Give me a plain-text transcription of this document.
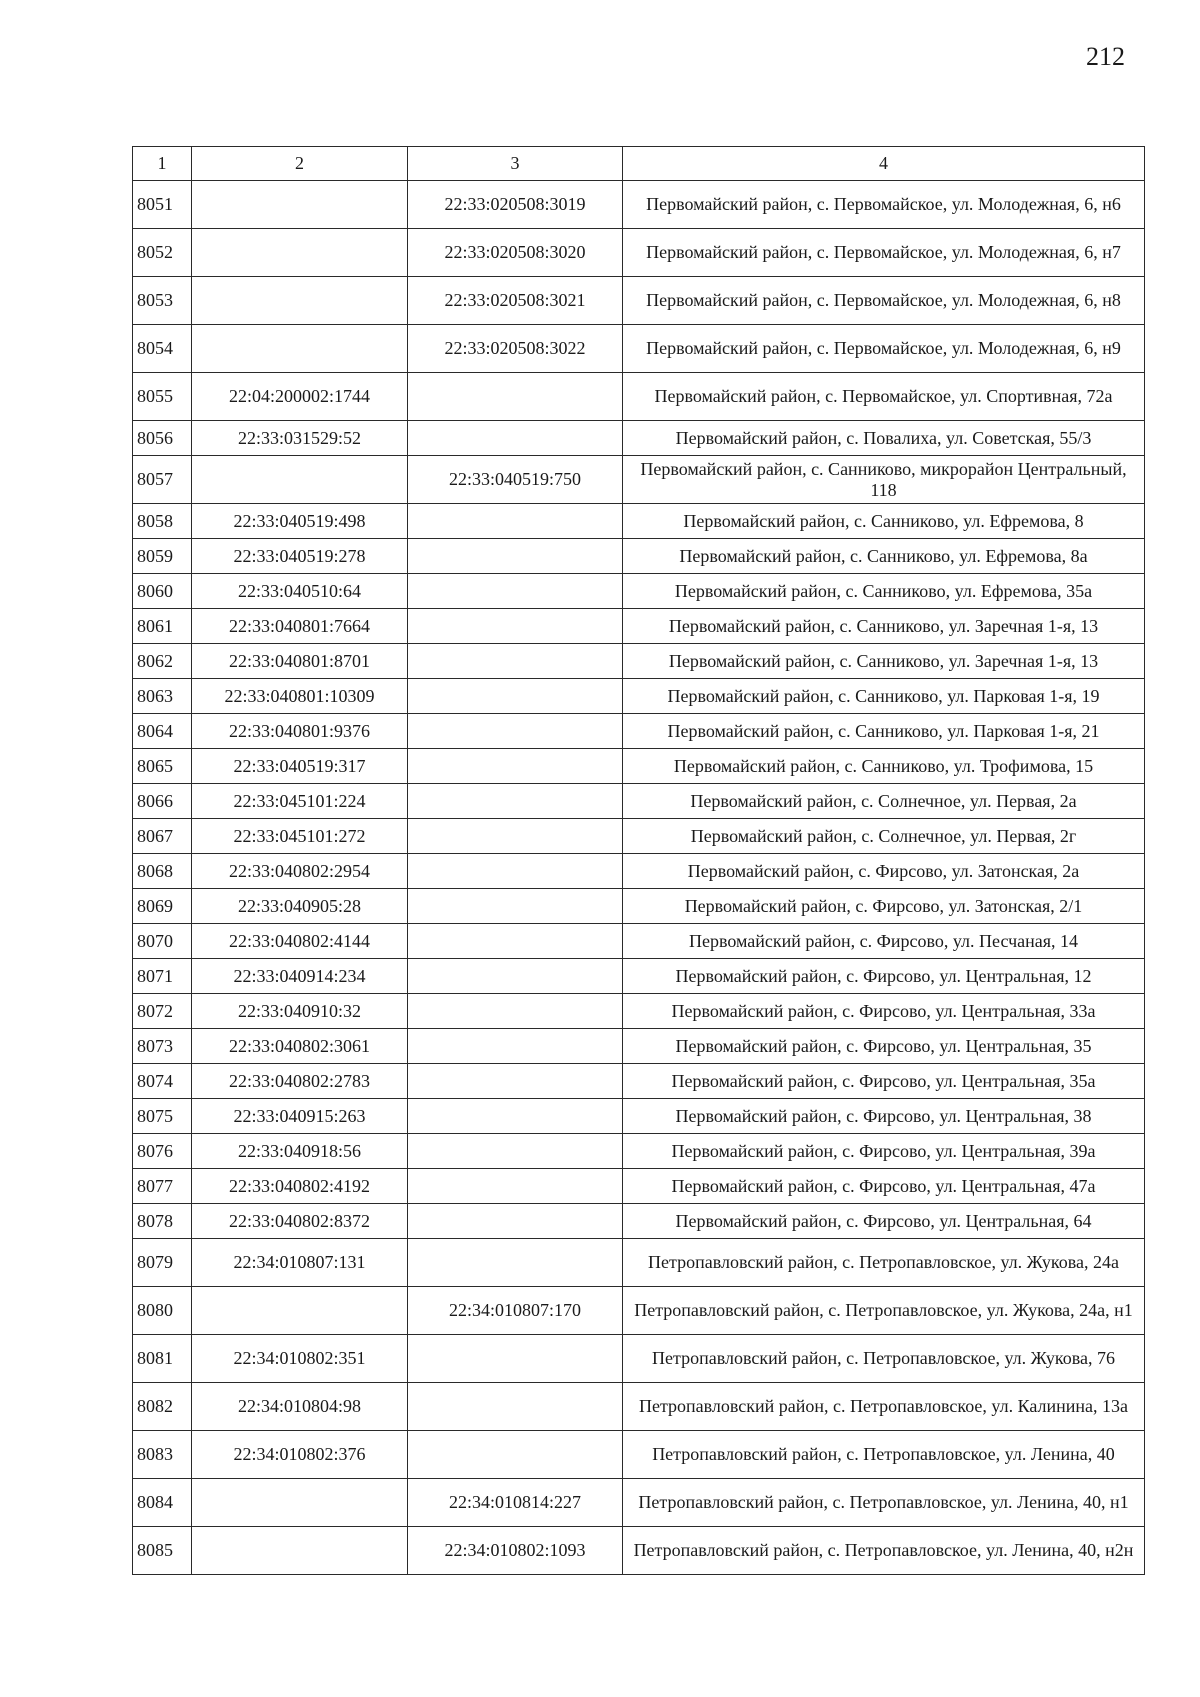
212
1	2	3	4
8051		22:33:020508:3019	Первомайский район, с. Первомайское, ул. Молодежная, 6, н6
8052		22:33:020508:3020	Первомайский район, с. Первомайское, ул. Молодежная, 6, н7
8053		22:33:020508:3021	Первомайский район, с. Первомайское, ул. Молодежная, 6, н8
8054		22:33:020508:3022	Первомайский район, с. Первомайское, ул. Молодежная, 6, н9
8055	22:04:200002:1744		Первомайский район, с. Первомайское, ул. Спортивная, 72а
8056	22:33:031529:52		Первомайский район, с. Повалиха, ул. Советская, 55/3
8057		22:33:040519:750	Первомайский район, с. Санниково, микрорайон Центральный, 118
8058	22:33:040519:498		Первомайский район, с. Санниково, ул. Ефремова, 8
8059	22:33:040519:278		Первомайский район, с. Санниково, ул. Ефремова, 8а
8060	22:33:040510:64		Первомайский район, с. Санниково, ул. Ефремова, 35а
8061	22:33:040801:7664		Первомайский район, с. Санниково, ул. Заречная 1-я, 13
8062	22:33:040801:8701		Первомайский район, с. Санниково, ул. Заречная 1-я, 13
8063	22:33:040801:10309		Первомайский район, с. Санниково, ул. Парковая 1-я, 19
8064	22:33:040801:9376		Первомайский район, с. Санниково, ул. Парковая 1-я, 21
8065	22:33:040519:317		Первомайский район, с. Санниково, ул. Трофимова, 15
8066	22:33:045101:224		Первомайский район, с. Солнечное, ул. Первая, 2а
8067	22:33:045101:272		Первомайский район, с. Солнечное, ул. Первая, 2г
8068	22:33:040802:2954		Первомайский район, с. Фирсово, ул. Затонская, 2а
8069	22:33:040905:28		Первомайский район, с. Фирсово, ул. Затонская, 2/1
8070	22:33:040802:4144		Первомайский район, с. Фирсово, ул. Песчаная, 14
8071	22:33:040914:234		Первомайский район, с. Фирсово, ул. Центральная, 12
8072	22:33:040910:32		Первомайский район, с. Фирсово, ул. Центральная, 33а
8073	22:33:040802:3061		Первомайский район, с. Фирсово, ул. Центральная, 35
8074	22:33:040802:2783		Первомайский район, с. Фирсово, ул. Центральная, 35а
8075	22:33:040915:263		Первомайский район, с. Фирсово, ул. Центральная, 38
8076	22:33:040918:56		Первомайский район, с. Фирсово, ул. Центральная, 39а
8077	22:33:040802:4192		Первомайский район, с. Фирсово, ул. Центральная, 47а
8078	22:33:040802:8372		Первомайский район, с. Фирсово, ул. Центральная, 64
8079	22:34:010807:131		Петропавловский район, с. Петропавловское, ул. Жукова, 24а
8080		22:34:010807:170	Петропавловский район, с. Петропавловское, ул. Жукова, 24а, н1
8081	22:34:010802:351		Петропавловский район, с. Петропавловское, ул. Жукова, 76
8082	22:34:010804:98		Петропавловский район, с. Петропавловское, ул. Калинина, 13а
8083	22:34:010802:376		Петропавловский район, с. Петропавловское, ул. Ленина, 40
8084		22:34:010814:227	Петропавловский район, с. Петропавловское, ул. Ленина, 40, н1
8085		22:34:010802:1093	Петропавловский район, с. Петропавловское, ул. Ленина, 40, н2н
